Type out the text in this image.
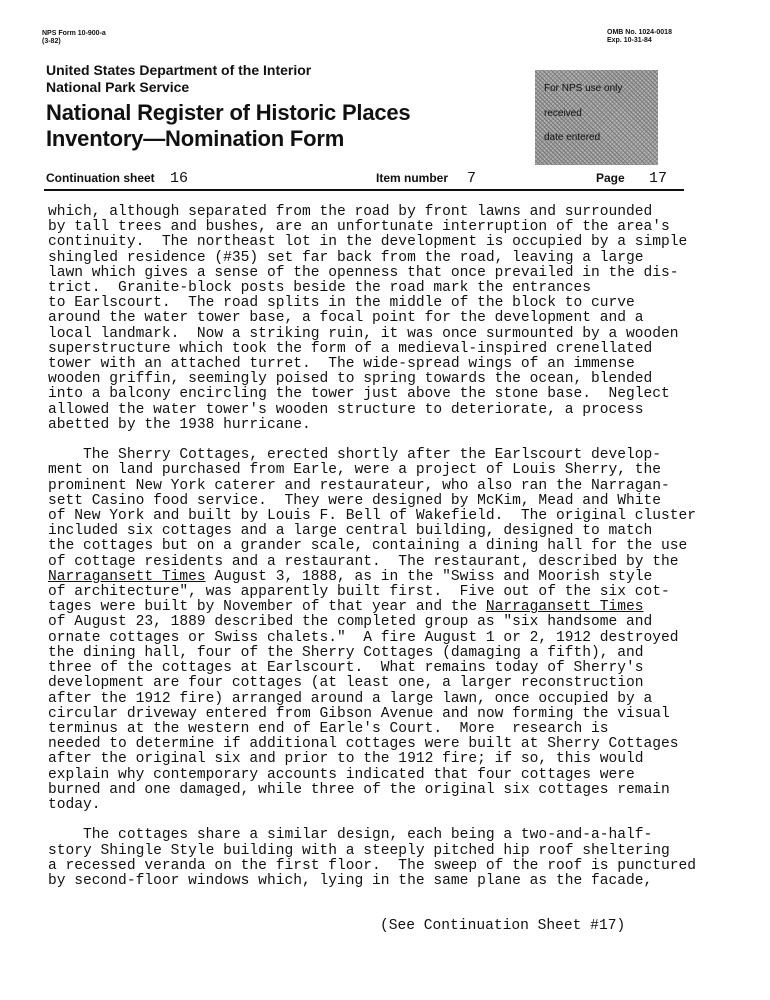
NPS Form 10-900-a
(3-82)
OMB No. 1024-0018
Exp. 10-31-84
United States Department of the Interior
National Park Service
National Register of Historic Places
Inventory—Nomination Form
For NPS use only
received
date entered
Continuation sheet 16	Item number 7	Page 17
which, although separated from the road by front lawns and surrounded
by tall trees and bushes, are an unfortunate interruption of the area's
continuity.  The northeast lot in the development is occupied by a simple
shingled residence (#35) set far back from the road, leaving a large
lawn which gives a sense of the openness that once prevailed in the dis-
trict.  Granite-block posts beside the road mark the entrances
to Earlscourt.  The road splits in the middle of the block to curve
around the water tower base, a focal point for the development and a
local landmark.  Now a striking ruin, it was once surmounted by a wooden
superstructure which took the form of a medieval-inspired crenellated
tower with an attached turret.  The wide-spread wings of an immense
wooden griffin, seemingly poised to spring towards the ocean, blended
into a balcony encircling the tower just above the stone base.  Neglect
allowed the water tower's wooden structure to deteriorate, a process
abetted by the 1938 hurricane.

The Sherry Cottages, erected shortly after the Earlscourt develop-
ment on land purchased from Earle, were a project of Louis Sherry, the
prominent New York caterer and restaurateur, who also ran the Narragan-
sett Casino food service.  They were designed by McKim, Mead and White
of New York and built by Louis F. Bell of Wakefield.  The original cluster
included six cottages and a large central building, designed to match
the cottages but on a grander scale, containing a dining hall for the use
of cottage residents and a restaurant.  The restaurant, described by the
Narragansett Times August 3, 1888, as in the "Swiss and Moorish style
of architecture", was apparently built first.  Five out of the six cot-
tages were built by November of that year and the Narragansett Times
of August 23, 1889 described the completed group as "six handsome and
ornate cottages or Swiss chalets."  A fire August 1 or 2, 1912 destroyed
the dining hall, four of the Sherry Cottages (damaging a fifth), and
three of the cottages at Earlscourt.  What remains today of Sherry's
development are four cottages (at least one, a larger reconstruction
after the 1912 fire) arranged around a large lawn, once occupied by a
circular driveway entered from Gibson Avenue and now forming the visual
terminus at the western end of Earle's Court.  More  research is
needed to determine if additional cottages were built at Sherry Cottages
after the original six and prior to the 1912 fire; if so, this would
explain why contemporary accounts indicated that four cottages were
burned and one damaged, while three of the original six cottages remain
today.

The cottages share a similar design, each being a two-and-a-half-
story Shingle Style building with a steeply pitched hip roof sheltering
a recessed veranda on the first floor.  The sweep of the roof is punctured
by second-floor windows which, lying in the same plane as the facade,
(See Continuation Sheet #17)
